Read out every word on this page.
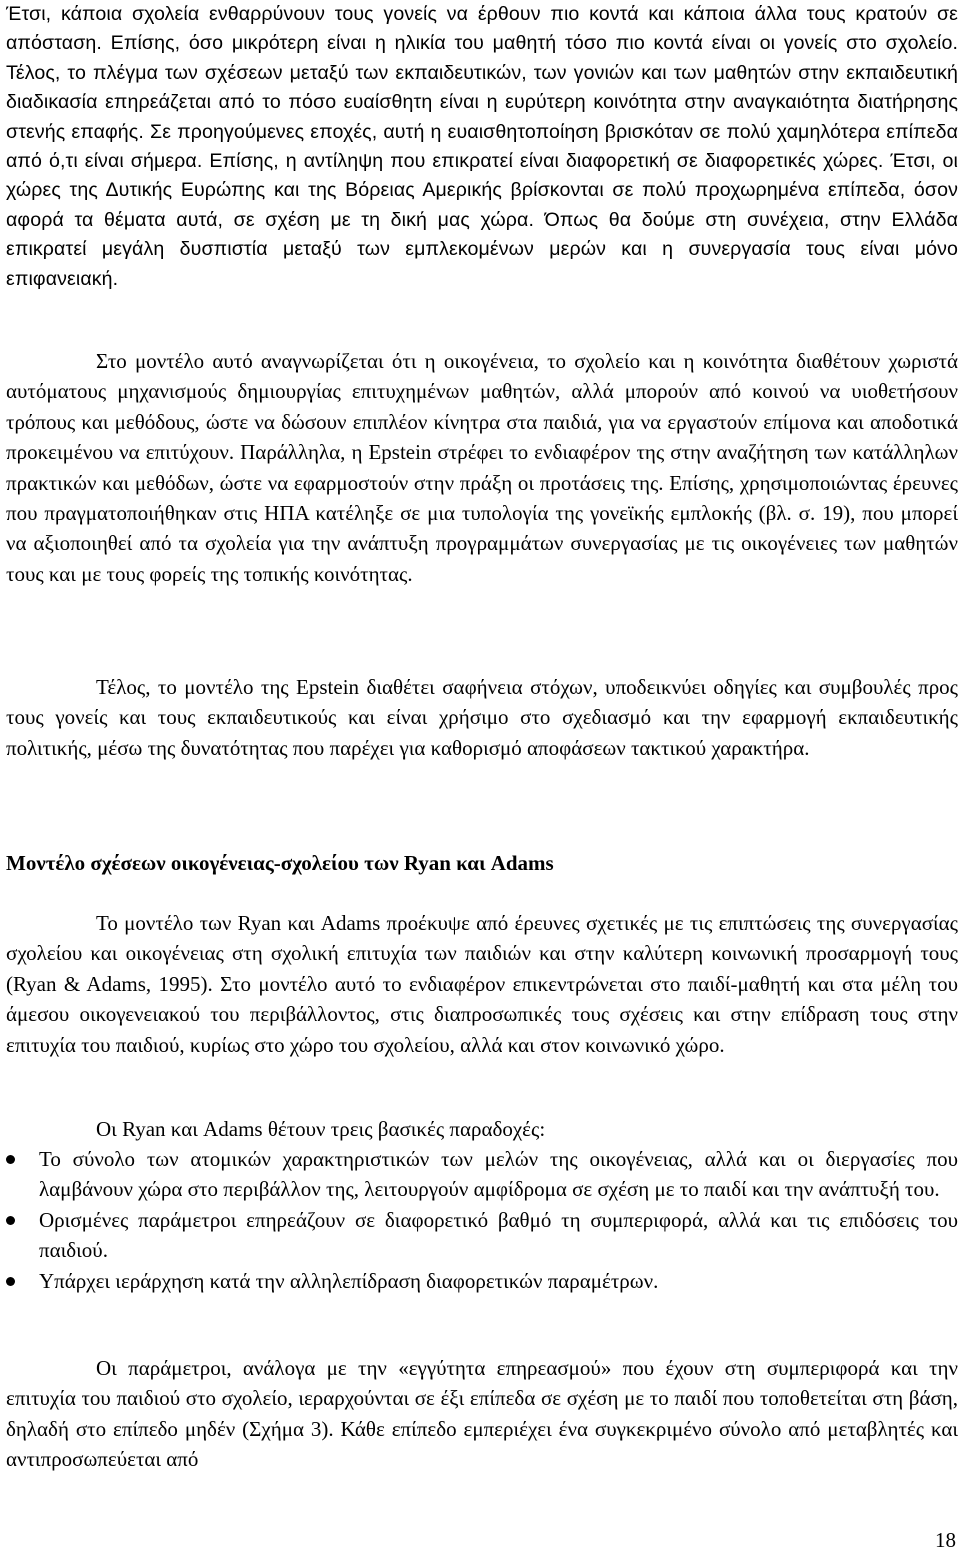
Έτσι, κάποια σχολεία ενθαρρύνουν τους γονείς να έρθουν πιο κοντά και κάποια άλλα τους κρατούν σε απόσταση. Επίσης, όσο μικρότερη είναι η ηλικία του μαθητή τόσο πιο κοντά είναι οι γονείς στο σχολείο. Τέλος, το πλέγμα των σχέσεων μεταξύ των εκπαιδευτικών, των γονιών και των μαθητών στην εκπαιδευτική διαδικασία επηρεάζεται από το πόσο ευαίσθητη είναι η ευρύτερη κοινότητα στην αναγκαιότητα διατήρησης στενής επαφής. Σε προηγούμενες εποχές, αυτή η ευαισθητοποίηση βρισκόταν σε πολύ χαμηλότερα επίπεδα από ό,τι είναι σήμερα. Επίσης, η αντίληψη που επικρατεί είναι διαφορετική σε διαφορετικές χώρες. Έτσι, οι χώρες της Δυτικής Ευρώπης και της Βόρειας Αμερικής βρίσκονται σε πολύ προχωρημένα επίπεδα, όσον αφορά τα θέματα αυτά, σε σχέση με τη δική μας χώρα. Όπως θα δούμε στη συνέχεια, στην Ελλάδα επικρατεί μεγάλη δυσπιστία μεταξύ των εμπλεκομένων μερών και η συνεργασία τους είναι μόνο επιφανειακή.

Στο μοντέλο αυτό αναγνωρίζεται ότι η οικογένεια, το σχολείο και η κοινότητα διαθέτουν χωριστά αυτόματους μηχανισμούς δημιουργίας επιτυχημένων μαθητών, αλλά μπορούν από κοινού να υιοθετήσουν τρόπους και μεθόδους, ώστε να δώσουν επιπλέον κίνητρα στα παιδιά, για να εργαστούν επίμονα και αποδοτικά προκειμένου να επιτύχουν. Παράλληλα, η Epstein στρέφει το ενδιαφέρον της στην αναζήτηση των κατάλληλων πρακτικών και μεθόδων, ώστε να εφαρμοστούν στην πράξη οι προτάσεις της. Επίσης, χρησιμοποιώντας έρευνες που πραγματοποιήθηκαν στις ΗΠΑ κατέληξε σε μια τυπολογία της γονεϊκής εμπλοκής (βλ. σ. 19), που μπορεί να αξιοποιηθεί από τα σχολεία για την ανάπτυξη προγραμμάτων συνεργασίας με τις οικογένειες των μαθητών τους και με τους φορείς της τοπικής κοινότητας.

Τέλος, το μοντέλο της Epstein διαθέτει σαφήνεια στόχων, υποδεικνύει οδηγίες και συμβουλές προς τους γονείς και τους εκπαιδευτικούς και είναι χρήσιμο στο σχεδιασμό και την εφαρμογή εκπαιδευτικής πολιτικής, μέσω της δυνατότητας που παρέχει για καθορισμό αποφάσεων τακτικού χαρακτήρα.

Μοντέλο σχέσεων οικογένειας-σχολείου των Ryan και Adams

Το μοντέλο των Ryan και Adams προέκυψε από έρευνες σχετικές με τις επιπτώσεις της συνεργασίας σχολείου και οικογένειας στη σχολική επιτυχία των παιδιών και στην καλύτερη κοινωνική προσαρμογή τους (Ryan & Adams, 1995). Στο μοντέλο αυτό το ενδιαφέρον επικεντρώνεται στο παιδί-μαθητή και στα μέλη του άμεσου οικογενειακού του περιβάλλοντος, στις διαπροσωπικές τους σχέσεις και στην επίδραση τους στην επιτυχία του παιδιού, κυρίως στο χώρο του σχολείου, αλλά και στον κοινωνικό χώρο.

Οι Ryan και Adams θέτουν τρεις βασικές παραδοχές:

Το σύνολο των ατομικών χαρακτηριστικών των μελών της οικογένειας, αλλά και οι διεργασίες που λαμβάνουν χώρα στο περιβάλλον της, λειτουργούν αμφίδρομα σε σχέση με το παιδί και την ανάπτυξή του.
Ορισμένες παράμετροι επηρεάζουν σε διαφορετικό βαθμό τη συμπεριφορά, αλλά και τις επιδόσεις του παιδιού.
Υπάρχει ιεράρχηση κατά την αλληλεπίδραση διαφορετικών παραμέτρων.

Οι παράμετροι, ανάλογα με την «εγγύτητα επηρεασμού» που έχουν στη συμπεριφορά και την επιτυχία του παιδιού στο σχολείο, ιεραρχούνται σε έξι επίπεδα σε σχέση με το παιδί που τοποθετείται στη βάση, δηλαδή στο επίπεδο μηδέν (Σχήμα 3). Κάθε επίπεδο εμπεριέχει ένα συγκεκριμένο σύνολο από μεταβλητές και αντιπροσωπεύεται από

18
